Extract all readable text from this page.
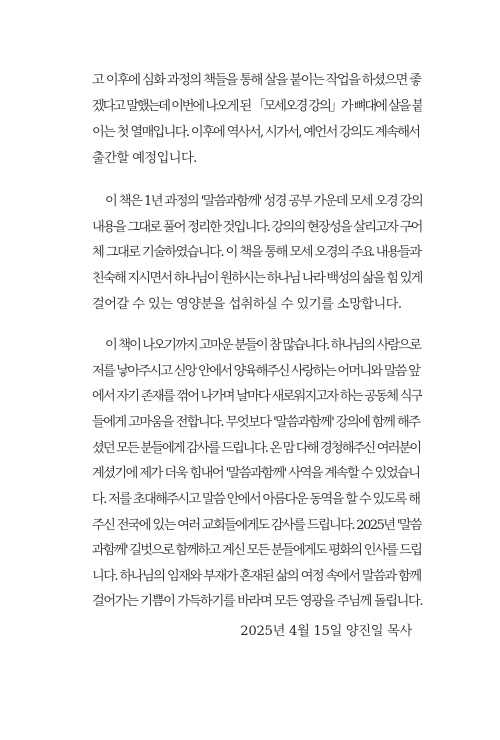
고 이후에 심화 과정의 책들을 통해 살을 붙이는 작업을 하셨으면 좋
겠다고 말했는데 이번에 나오게 된 「모세오경 강의」가 뼈대에 살을 붙
이는 첫 열매입니다. 이후에 역사서, 시가서, 예언서 강의도 계속해서
출간할 예정입니다.
이 책은 1년 과정의 '말씀과함께' 성경 공부 가운데 모세 오경 강의
내용을 그대로 풀어 정리한 것입니다. 강의의 현장성을 살리고자 구어
체 그대로 기술하였습니다. 이 책을 통해 모세 오경의 주요 내용들과
친숙해 지시면서 하나님이 원하시는 하나님 나라 백성의 삶을 힘 있게
걸어갈 수 있는 영양분을 섭취하실 수 있기를 소망합니다.
이 책이 나오기까지 고마운 분들이 참 많습니다. 하나님의 사람으로
저를 낳아주시고 신앙 안에서 양육해주신 사랑하는 어머니와 말씀 앞
에서 자기 존재를 꺾어 나가며 날마다 새로워지고자 하는 공동체 식구
들에게 고마움을 전합니다. 무엇보다 '말씀과함께' 강의에 함께 해주
셨던 모든 분들에게 감사를 드립니다. 온 맘 다해 경청해주신 여러분이
계셨기에 제가 더욱 힘내어 '말씀과함께' 사역을 계속할 수 있었습니
다. 저를 초대해주시고 말씀 안에서 아름다운 동역을 할 수 있도록 해
주신 전국에 있는 여러 교회들에게도 감사를 드립니다. 2025년 '말씀
과함께' 길벗으로 함께하고 계신 모든 분들에게도 평화의 인사를 드립
니다. 하나님의 임재와 부재가 혼재된 삶의 여정 속에서 말씀과 함께
걸어가는 기쁨이 가득하기를 바라며 모든 영광을 주님께 돌립니다.
2025년 4월 15일 양진일 목사
